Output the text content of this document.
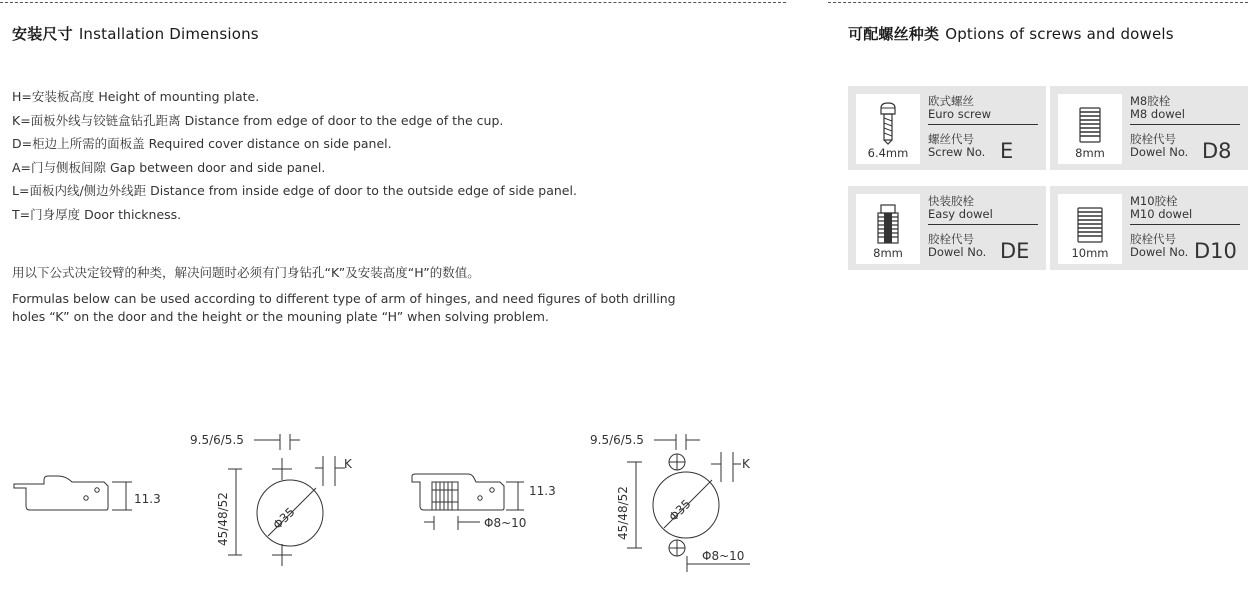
安装尺寸 Installation Dimensions
H=安装板高度 Height of mounting plate.
K=面板外线与铰链盒钻孔距离 Distance from edge of door to the edge of the cup.
D=柜边上所需的面板盖 Required cover distance on side panel.
A=门与侧板间隙 Gap between door and side panel.
L=面板内线/侧边外线距 Distance from inside edge of door to the outside edge of side panel.
T=门身厚度 Door thickness.
用以下公式决定铰臂的种类，解决问题时必须有门身钻孔“K”及安装高度“H”的数值。
Formulas below can be used according to different type of arm of hinges, and need figures of both drilling holes “K” on the door and the height or the mouning plate “H” when solving problem.
可配螺丝种类 Options of screws and dowels
6.4mm
欧式螺丝
Euro screw
螺丝代号
Screw No. E	8mm
M8胶栓
M8 dowel
胶栓代号
Dowel No. D8
8mm
快装胶栓
Easy dowel
胶栓代号
Dowel No. DE	10mm
M10胶栓
M10 dowel
胶栓代号
Dowel No. D10
11.3
9.5/6/5.5
Φ35
45/48/52
K
11.3
Φ8~10
9.5/6/5.5
Φ35
45/48/52
K
Φ8~10
